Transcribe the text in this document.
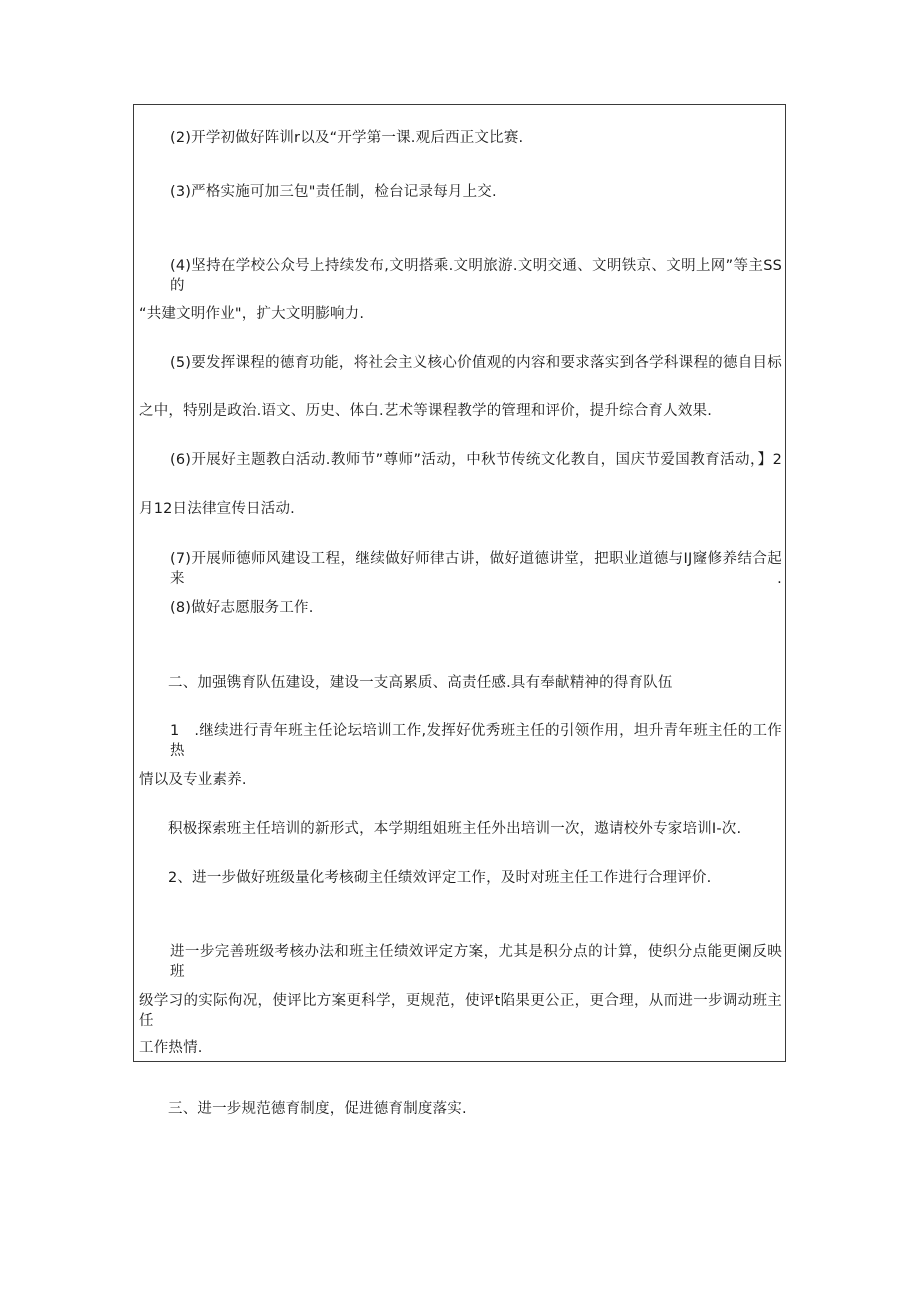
(2)开学初做好阵训r以及“开学第一课.观后西正文比赛.
(3)严格实施可加三包"责任制，检台记录每月上交.
(4)坚持在学校公众号上持续发布,文明搭乘.文明旅游.文明交通、文明铁京、文明上网”等主SS的
“共建文明作业"，扩大文明膨响力.
(5)要发挥课程的德育功能，将社会主义核心价值观的内容和要求落实到各学科课程的德自目标
之中，特别是政治.语文、历史、体白.艺术等课程教学的管理和评价，提升综合育人效果.
(6)开展好主题教白活动.教师节”尊师”活动，中秋节传统文化教自，国庆节爱国教育活动，】2
月12日法律宣传日活动.
(7)开展师德师风建设工程，继续做好师律古讲，做好道德讲堂，把职业道德与IJ窿修养结合起来.
(8)做好志愿服务工作.
二、加强镌育队伍建设，建设一支高累质、高责任感.具有奉献精神的得育队伍
1　.继续进行青年班主任论坛培训工作,发挥好优秀班主任的引领作用，坦升青年班主任的工作热
情以及专业素养.
积极探索班主任培训的新形式，本学期组姐班主任外出培训一次，遨请校外专家培训I-次.
2、进一步做好班级量化考核砌主任绩效评定工作，及时对班主任工作进行合理评价.
进一步完善班级考核办法和班主任绩效评定方案，尤其是积分点的计算，使织分点能更阑反映班
级学习的实际佝况，使评比方案更科学，更规范，使评t陷果更公正，更合理，从而进一步调动班主任
工作热情.
三、进一步规范德育制度，促进德育制度落实.
